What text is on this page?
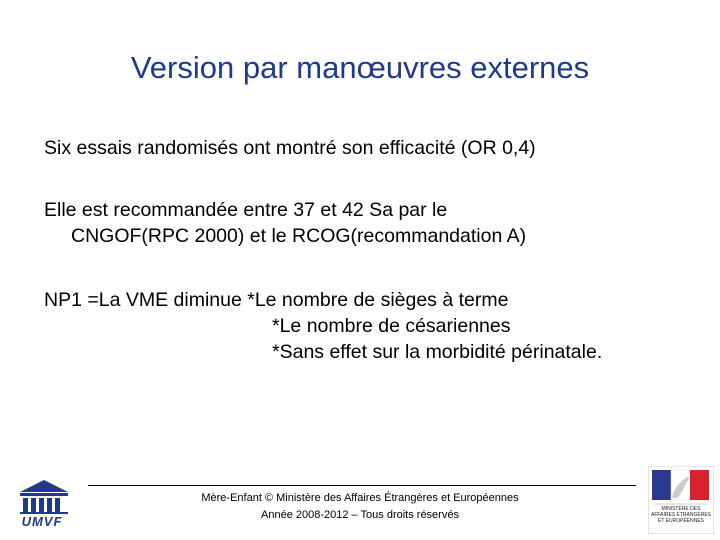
Version par manœuvres externes
Six essais randomisés ont montré son efficacité (OR 0,4)
Elle est recommandée entre 37 et 42 Sa par le
CNGOF(RPC 2000) et le RCOG(recommandation A)
NP1 =La VME diminue *Le nombre de sièges à terme
*Le nombre de césariennes
*Sans effet sur la morbidité périnatale.
Mère-Enfant © Ministère des Affaires Étrangères et Européennes
Année 2008-2012 – Tous droits réservés
UMVF
MINISTÈRE DES AFFAIRES ÉTRANGÈRES ET EUROPÉENNES
